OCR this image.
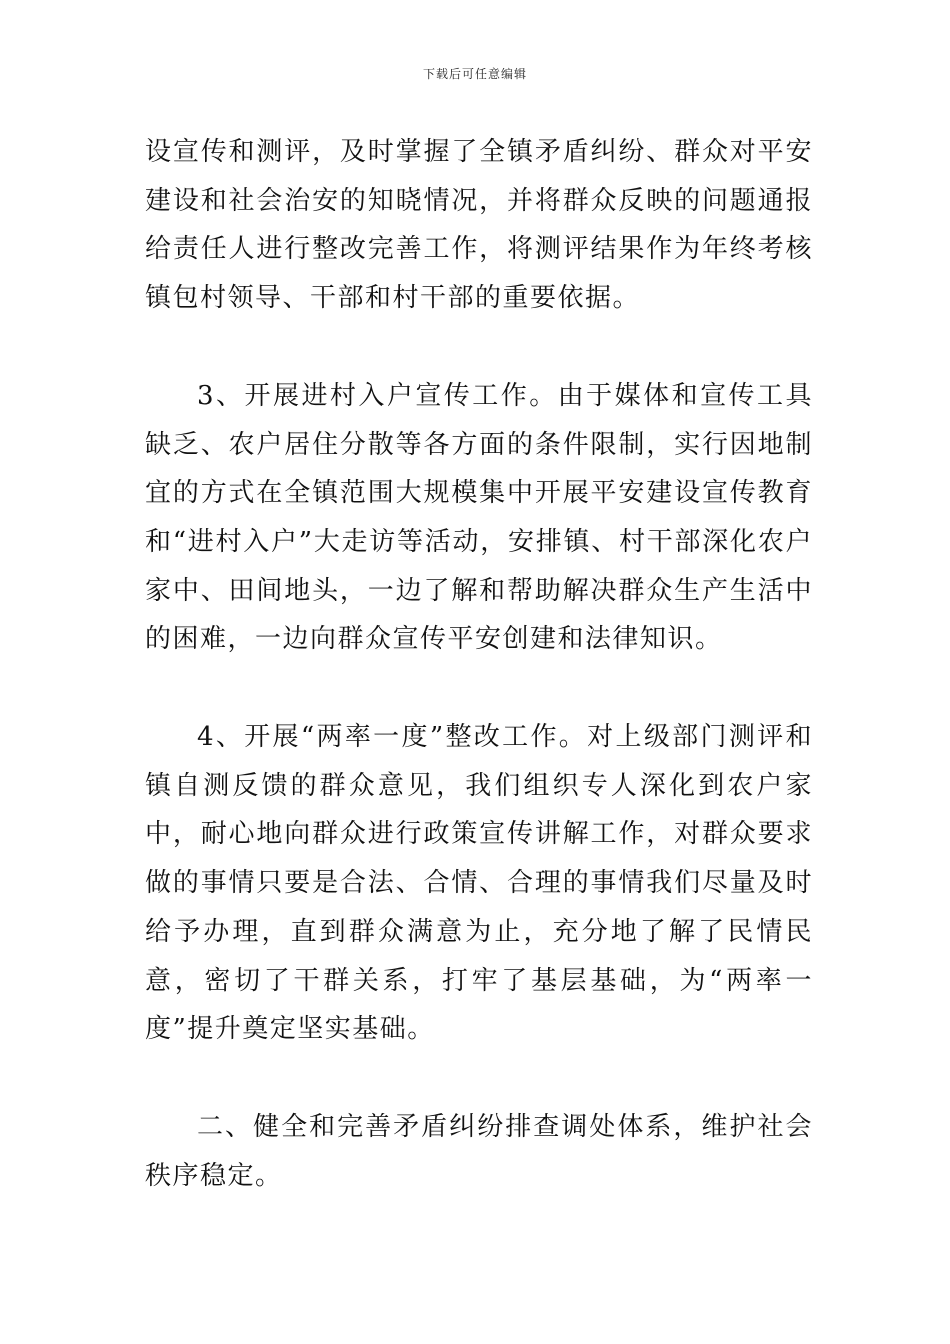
下载后可任意编辑

设宣传和测评，及时掌握了全镇矛盾纠纷、群众对平安建设和社会治安的知晓情况，并将群众反映的问题通报给责任人进行整改完善工作，将测评结果作为年终考核镇包村领导、干部和村干部的重要依据。

3、开展进村入户宣传工作。由于媒体和宣传工具缺乏、农户居住分散等各方面的条件限制，实行因地制宜的方式在全镇范围大规模集中开展平安建设宣传教育和“进村入户”大走访等活动，安排镇、村干部深化农户家中、田间地头，一边了解和帮助解决群众生产生活中的困难，一边向群众宣传平安创建和法律知识。

4、开展“两率一度”整改工作。对上级部门测评和镇自测反馈的群众意见，我们组织专人深化到农户家中，耐心地向群众进行政策宣传讲解工作，对群众要求做的事情只要是合法、合情、合理的事情我们尽量及时给予办理，直到群众满意为止，充分地了解了民情民意，密切了干群关系，打牢了基层基础，为“两率一度”提升奠定坚实基础。

二、健全和完善矛盾纠纷排查调处体系，维护社会秩序稳定。
